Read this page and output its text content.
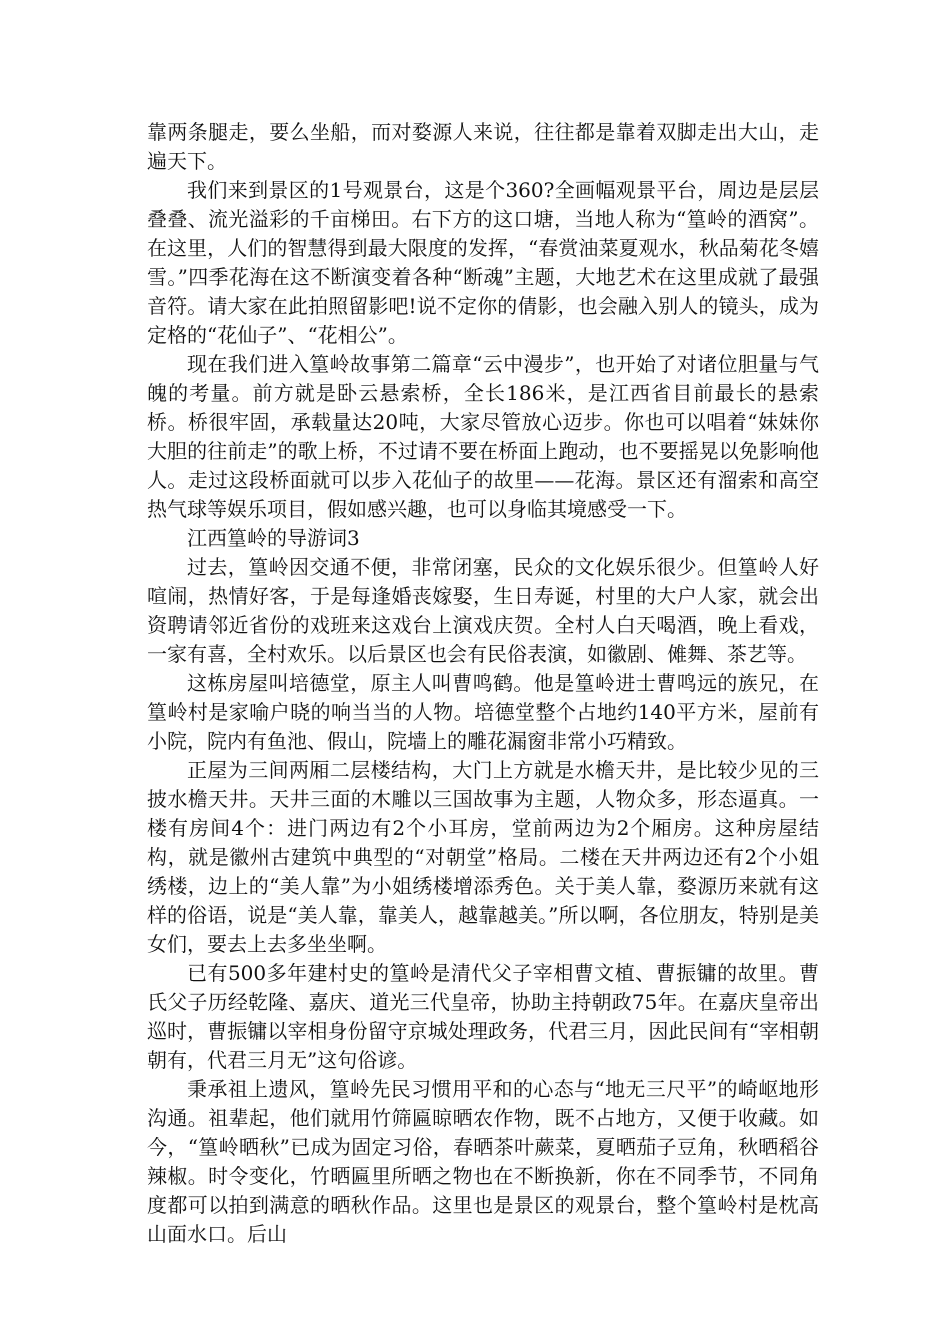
靠两条腿走，要么坐船，而对婺源人来说，往往都是靠着双脚走出大山，走遍天下。

我们来到景区的1号观景台，这是个360?全画幅观景平台，周边是层层叠叠、流光溢彩的千亩梯田。右下方的这口塘，当地人称为“篁岭的酒窝”。在这里，人们的智慧得到最大限度的发挥，“春赏油菜夏观水，秋品菊花冬嬉雪。”四季花海在这不断演变着各种“断魂”主题，大地艺术在这里成就了最强音符。请大家在此拍照留影吧!说不定你的倩影，也会融入别人的镜头，成为定格的“花仙子”、“花相公”。

现在我们进入篁岭故事第二篇章“云中漫步”，也开始了对诸位胆量与气魄的考量。前方就是卧云悬索桥，全长186米，是江西省目前最长的悬索桥。桥很牢固，承载量达20吨，大家尽管放心迈步。你也可以唱着“妹妹你大胆的往前走”的歌上桥，不过请不要在桥面上跑动，也不要摇晃以免影响他人。走过这段桥面就可以步入花仙子的故里——花海。景区还有溜索和高空热气球等娱乐项目，假如感兴趣，也可以身临其境感受一下。

江西篁岭的导游词3

过去，篁岭因交通不便，非常闭塞，民众的文化娱乐很少。但篁岭人好喧闹，热情好客，于是每逢婚丧嫁娶，生日寿诞，村里的大户人家，就会出资聘请邻近省份的戏班来这戏台上演戏庆贺。全村人白天喝酒，晚上看戏，一家有喜，全村欢乐。以后景区也会有民俗表演，如徽剧、傩舞、茶艺等。

这栋房屋叫培德堂，原主人叫曹鸣鹤。他是篁岭进士曹鸣远的族兄，在篁岭村是家喻户晓的响当当的人物。培德堂整个占地约140平方米，屋前有小院，院内有鱼池、假山，院墙上的雕花漏窗非常小巧精致。

正屋为三间两厢二层楼结构，大门上方就是水檐天井，是比较少见的三披水檐天井。天井三面的木雕以三国故事为主题，人物众多，形态逼真。一楼有房间4个：进门两边有2个小耳房，堂前两边为2个厢房。这种房屋结构，就是徽州古建筑中典型的“对朝堂”格局。二楼在天井两边还有2个小姐绣楼，边上的“美人靠”为小姐绣楼增添秀色。关于美人靠，婺源历来就有这样的俗语，说是“美人靠，靠美人，越靠越美。”所以啊，各位朋友，特别是美女们，要去上去多坐坐啊。

已有500多年建村史的篁岭是清代父子宰相曹文植、曹振镛的故里。曹氏父子历经乾隆、嘉庆、道光三代皇帝，协助主持朝政75年。在嘉庆皇帝出巡时，曹振镛以宰相身份留守京城处理政务，代君三月，因此民间有“宰相朝朝有，代君三月无”这句俗谚。

秉承祖上遗风，篁岭先民习惯用平和的心态与“地无三尺平”的崎岖地形沟通。祖辈起，他们就用竹筛匾晾晒农作物，既不占地方，又便于收藏。如今，“篁岭晒秋”已成为固定习俗，春晒茶叶蕨菜，夏晒茄子豆角，秋晒稻谷辣椒。时令变化，竹晒匾里所晒之物也在不断换新，你在不同季节，不同角度都可以拍到满意的晒秋作品。这里也是景区的观景台，整个篁岭村是枕高山面水口。后山
